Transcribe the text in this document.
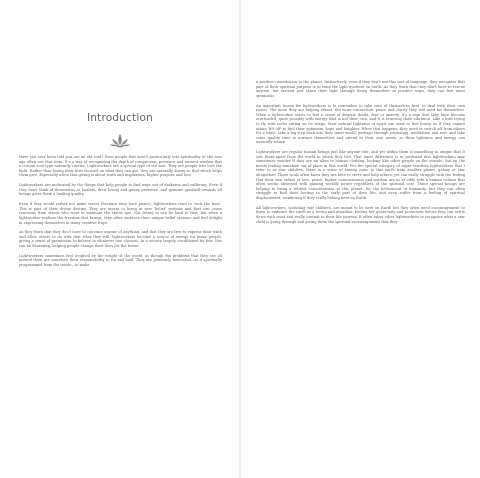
Introduction

Have you ever been told you are an old soul? Even people that aren't particularly into spirituality or the new age often use that term. It's a way of recognising the depth of compassion, presence and ancient wisdom that a certain soul type naturally carries. Lightworkers are a special type of old soul. They are people who love the light. Rather than losing their lives focused on what they can get, they are naturally drawn to that which helps them give. Especially when that giving is about truth and inspiration, higher purpose and love.

Lightworkers are motivated by the things that help people to find ways out of darkness and suffering. Even if they don't think of themselves as healers, their loving and giving presence, and genuine goodwill towards all beings gives them a healing quality.

Even if they would rather not make waves (because they have peace), lightworkers tend to 'rock the boat'. This is part of their divine destiny. They are meant to bring in new 'belief' systems and that can cause reactions from others who want to maintain the status quo. Not fitting in can be hard at first, but when a lightworker realises the freedom that brings, they often embrace their unique belief systems and feel delight in expressing themselves in many creative ways.

As they learn that they don't have to convince anyone of anything, and that they are free to express their truth and allow others to do with that what they will, lightworkers become a source of energy for many people, giving a sense of permission to believe in whatever one chooses. In a society largely conditioned by fear, this can be liberating, helping people change their lives for the better.

Lightworkers sometimes feel weighed by the weight of the world, as though the problems that they see all around them are somehow their responsibility to try and heal. They are genuinely motivated—as if spiritually programmed from the inside—to make

a positive contribution to the planet. Instinctively, even if they don't use this sort of language, they recognise that part of their spiritual purpose is to raise the light quotient on earth. As they learn that they don't have to rescue anyone, but instead just share their light through being themselves in positive ways, they can feel more optimistic.

An important lesson for lightworkers is to remember to take care of themselves first, to deal with their own issues. The more they are helping others, the more connection, peace and clarity they will need for themselves. When a lightworker starts to feel a sense of despair, doubt, fear or anxiety, it's a sign that they have become overloaded, quite possibly with energy that is not their own, and it is lowering their vibration. Like a bird trying to fly with rocks sitting on its wings, their natural lightness of spirit can start to feel heavy, as if they cannot attain 'lift off' to find their optimism, hope and laughter. When that happens, they need to switch off from others for a while, take a big step back into their inner world, perhaps through journaling, meditation and rest, and take some quality time to nurture themselves and attend to their own needs, so their lightness and energy can naturally return.

Lightworkers are regular human beings just like anyone else, and yet within them is something so unique that it sets them apart from the world in which they live. That inner difference is so profound that lightworkers may sometimes wonder if they are an alien in human clothing, looking like other people on the outside, but on the inside feeling somehow out of place in this world. For the special category of super-sensitive lightworkers that I refer to as star children, there is a sense of having come to this earth from another planet, galaxy or star altogether! Those souls often know they are here to serve and help others, yet can really struggle with the feeling that their own values of love, peace, higher consciousness and wisdom are so at odds with a human culture that often seems obsessed with gaining worldly power regardless of the spiritual cost. These special beings are helping to bring a refined consciousness to this planet, for the betterment of humanity, but they can often struggle to find their footing in the early part of their life, and even suffer from a feeling of spiritual displacement, wondering if they really belong here on Earth.

All lightworkers, including star children, are meant to be here on Earth but they often need encouragement to learn to embrace the earth as a loving and guardian, feeling her generosity and protection before they can settle down with trust and really commit to their life journey. It often takes other lightworkers to recognise what a star child is going through and giving them the spiritual encouragement that they
